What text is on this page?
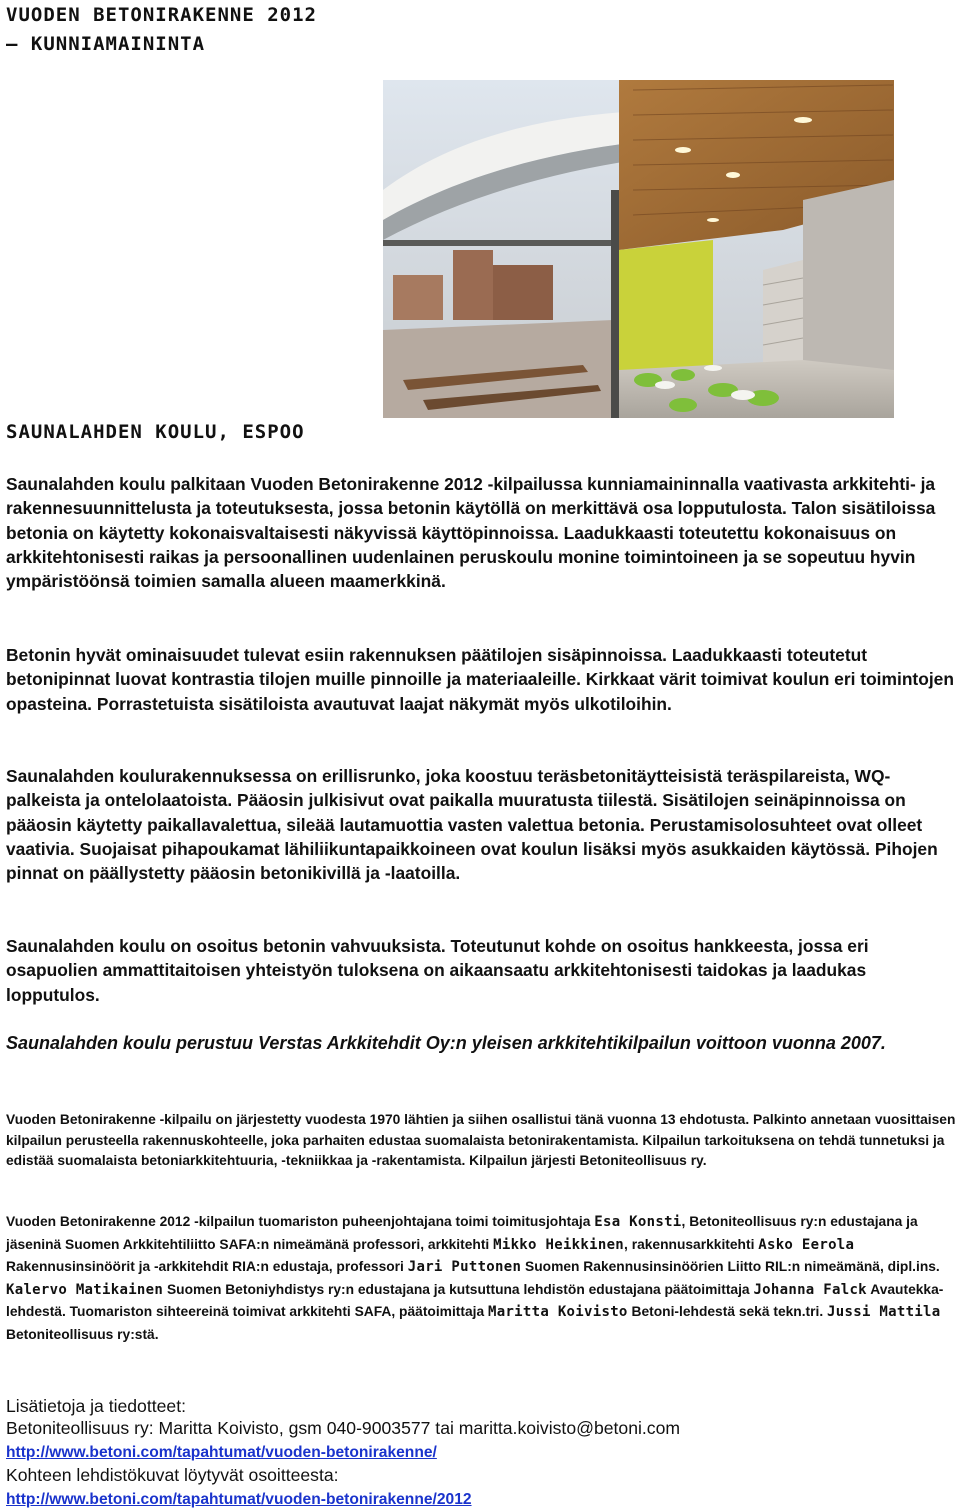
VUODEN BETONIRAKENNE 2012
– KUNNIAMAININTA
SAUNALAHDEN KOULU, ESPOO

Saunalahden koulu palkitaan Vuoden Betonirakenne 2012 -kilpailussa kunniamaininnalla vaativasta arkkitehti- ja rakennesuunnittelusta ja toteutuksesta, jossa betonin käytöllä on merkittävä osa lopputulosta. Talon sisätiloissa betonia on käytetty kokonaisvaltaisesti näkyvissä käyttöpinnoissa. Laadukkaasti toteutettu kokonaisuus on arkkitehtonisesti raikas ja persoonallinen uudenlainen peruskoulu monine toimintoineen ja se sopeutuu hyvin ympäristöönsä toimien samalla alueen maamerkkinä.

Betonin hyvät ominaisuudet tulevat esiin rakennuksen päätilojen sisäpinnoissa. Laadukkaasti toteutetut betonipinnat luovat kontrastia tilojen muille pinnoille ja materiaaleille. Kirkkaat värit toimivat koulun eri toimintojen opasteina. Porrastetuista sisätiloista avautuvat laajat näkymät myös ulkotiloihin.

Saunalahden koulurakennuksessa on erillisrunko, joka koostuu teräsbetonitäytteisistä teräspilareista, WQ-palkeista ja ontelolaatoista. Pääosin julkisivut ovat paikalla muuratusta tiilestä. Sisätilojen seinäpinnoissa on pääosin käytetty paikallavalettua, sileää lautamuottia vasten valettua betonia. Perustamisolosuhteet ovat olleet vaativia. Suojaisat pihapoukamat lähiliikuntapaikkoineen ovat koulun lisäksi myös asukkaiden käytössä. Pihojen pinnat on päällystetty pääosin betonikivillä ja -laatoilla.

Saunalahden koulu on osoitus betonin vahvuuksista. Toteutunut kohde on osoitus hankkeesta, jossa eri osapuolien ammattitaitoisen yhteistyön tuloksena on aikaansaatu arkkitehtonisesti taidokas ja laadukas lopputulos.

Saunalahden koulu perustuu Verstas Arkkitehdit Oy:n yleisen arkkitehtikilpailun voittoon vuonna 2007.

Vuoden Betonirakenne -kilpailu on järjestetty vuodesta 1970 lähtien ja siihen osallistui tänä vuonna 13 ehdotusta. Palkinto annetaan vuosittaisen kilpailun perusteella rakennuskohteelle, joka parhaiten edustaa suomalaista betonirakentamista. Kilpailun tarkoituksena on tehdä tunnetuksi ja edistää suomalaista betoniarkkitehtuuria, -tekniikkaa ja -rakentamista. Kilpailun järjesti Betoniteollisuus ry.

Vuoden Betonirakenne 2012 -kilpailun tuomariston puheenjohtajana toimi toimitusjohtaja Esa Konsti, Betoniteollisuus ry:n edustajana ja jäseninä Suomen Arkkitehtiliitto SAFA:n nimeämänä professori, arkkitehti Mikko Heikkinen, rakennusarkkitehti Asko Eerola Rakennusinsinöörit ja -arkkitehdit RIA:n edustaja, professori Jari Puttonen Suomen Rakennusinsinöörien Liitto RIL:n nimeämänä, dipl.ins. Kalervo Matikainen Suomen Betoniyhdistys ry:n edustajana ja kutsuttuna lehdistön edustajana päätoimittaja Johanna Falck Avautekka-lehdestä. Tuomariston sihteereinä toimivat arkkitehti SAFA, päätoimittaja Maritta Koivisto Betoni-lehdestä sekä tekn.tri. Jussi Mattila Betoniteollisuus ry:stä.

Lisätietoja ja tiedotteet:
Betoniteollisuus ry: Maritta Koivisto, gsm 040-9003577 tai maritta.koivisto@betoni.com
http://www.betoni.com/tapahtumat/vuoden-betonirakenne/
Kohteen lehdistökuvat löytyvät osoitteesta:
http://www.betoni.com/tapahtumat/vuoden-betonirakenne/2012
